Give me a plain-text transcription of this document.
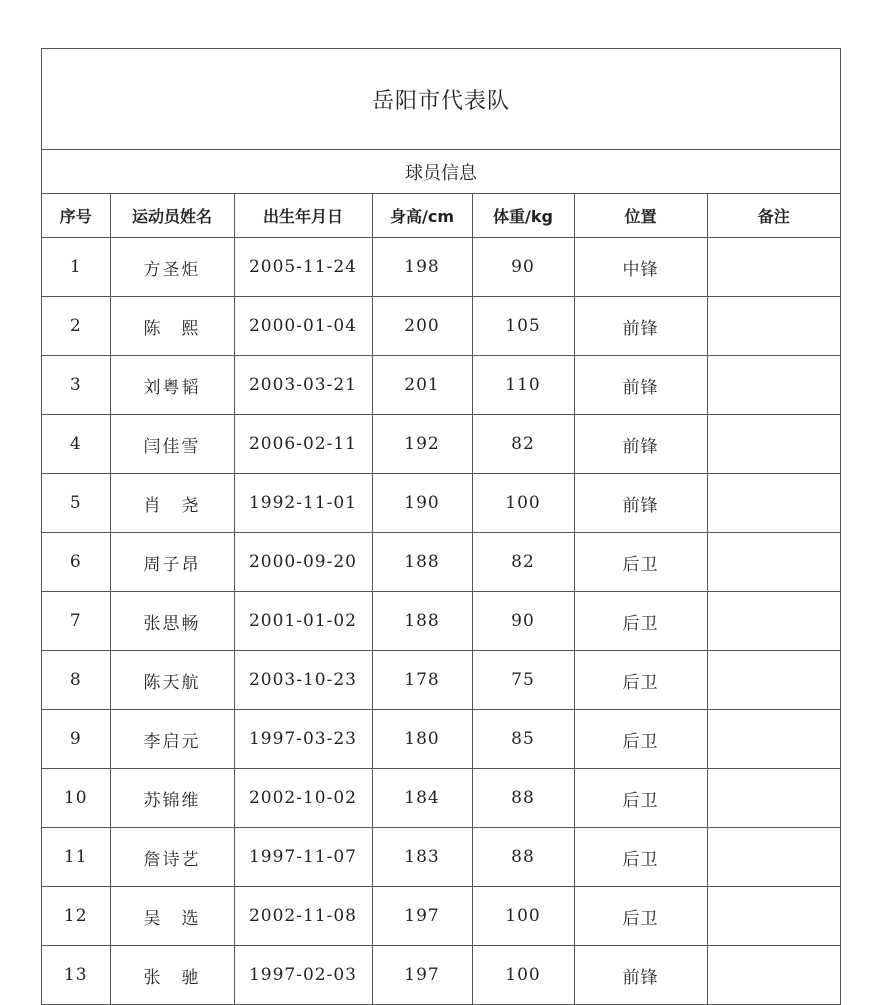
岳阳市代表队
球员信息
序号	运动员姓名	出生年月日	身高/cm	体重/kg	位置	备注
1	方圣炬	2005-11-24	198	90	中锋	
2	陈　熙	2000-01-04	200	105	前锋	
3	刘粤韬	2003-03-21	201	110	前锋	
4	闫佳雪	2006-02-11	192	82	前锋	
5	肖　尧	1992-11-01	190	100	前锋	
6	周子昂	2000-09-20	188	82	后卫	
7	张思畅	2001-01-02	188	90	后卫	
8	陈天航	2003-10-23	178	75	后卫	
9	李启元	1997-03-23	180	85	后卫	
10	苏锦维	2002-10-02	184	88	后卫	
11	詹诗艺	1997-11-07	183	88	后卫	
12	吴　选	2002-11-08	197	100	后卫	
13	张　驰	1997-02-03	197	100	前锋	
